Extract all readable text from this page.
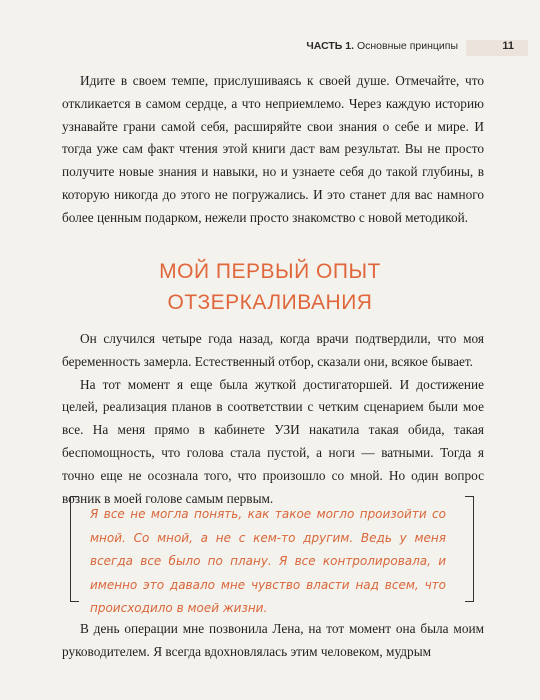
ЧАСТЬ 1. Основные принципы	11

Идите в своем темпе, прислушиваясь к своей душе. Отмечайте, что откликается в самом сердце, а что неприемлемо. Через каждую историю узнавайте грани самой себя, расширяйте свои знания о себе и мире. И тогда уже сам факт чтения этой книги даст вам результат. Вы не просто получите новые знания и навыки, но и узнаете себя до такой глубины, в которую никогда до этого не погружались. И это станет для вас намного более ценным подарком, нежели просто знакомство с новой методикой.

МОЙ ПЕРВЫЙ ОПЫТ
ОТЗЕРКАЛИВАНИЯ

Он случился четыре года назад, когда врачи подтвердили, что моя беременность замерла. Естественный отбор, сказали они, всякое бывает.

На тот момент я еще была жуткой достигаторшей. И достижение целей, реализация планов в соответствии с четким сценарием были мое все. На меня прямо в кабинете УЗИ накатила такая обида, такая беспомощность, что голова стала пустой, а ноги — ватными. Тогда я точно еще не осознала того, что произошло со мной. Но один вопрос возник в моей голове самым первым.

Я все не могла понять, как такое могло произойти со мной. Со мной, а не с кем-то другим. Ведь у меня всегда все было по плану. Я все контролировала, и именно это давало мне чувство власти над всем, что происходило в моей жизни.

В день операции мне позвонила Лена, на тот момент она была моим руководителем. Я всегда вдохновлялась этим человеком, мудрым
